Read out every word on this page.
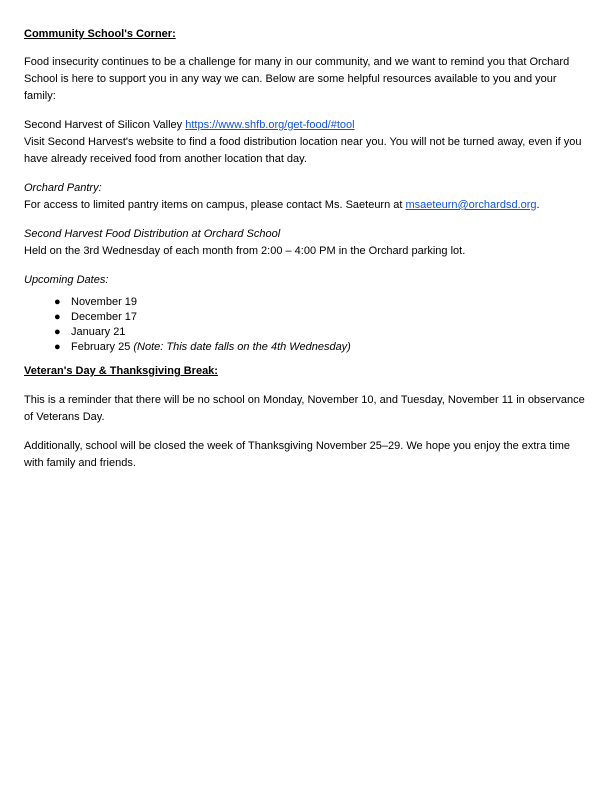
Community School's Corner:

Food insecurity continues to be a challenge for many in our community, and we want to remind you that Orchard School is here to support you in any way we can. Below are some helpful resources available to you and your family:

Second Harvest of Silicon Valley https://www.shfb.org/get-food/#tool

Visit Second Harvest's website to find a food distribution location near you. You will not be turned away, even if you have already received food from another location that day.

Orchard Pantry:

For access to limited pantry items on campus, please contact Ms. Saeteurn at msaeteurn@orchardsd.org.

Second Harvest Food Distribution at Orchard School

Held on the 3rd Wednesday of each month from 2:00 – 4:00 PM in the Orchard parking lot.

Upcoming Dates:

● November 19
● December 17
● January 21
● February 25 (Note: This date falls on the 4th Wednesday)

Veteran's Day & Thanksgiving Break:

This is a reminder that there will be no school on Monday, November 10, and Tuesday, November 11 in observance of Veterans Day.

Additionally, school will be closed the week of Thanksgiving November 25–29. We hope you enjoy the extra time with family and friends.
